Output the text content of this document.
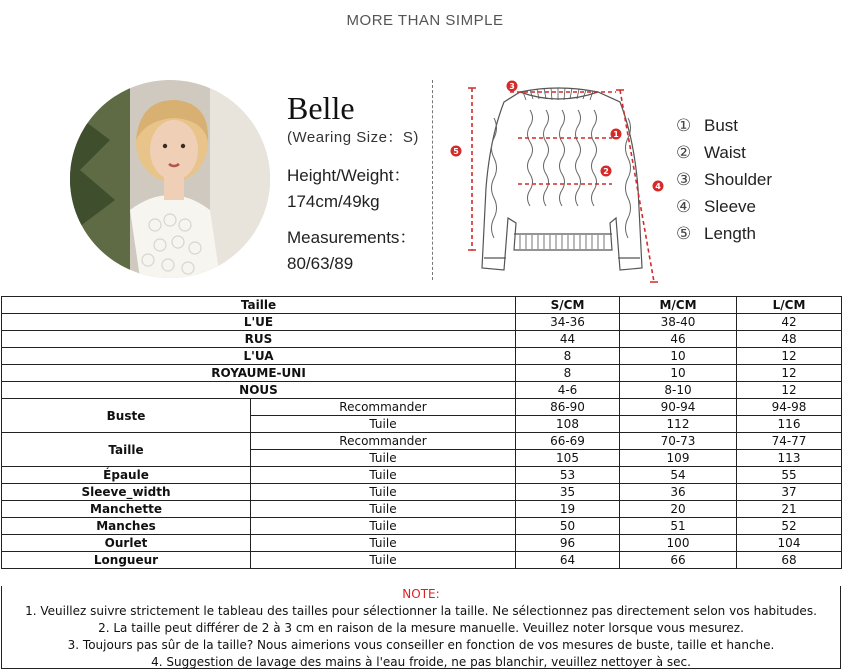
MORE THAN SIMPLE
Belle
(Wearing Size：S)
Height/Weight：
174cm/49kg
Measurements：
80/63/89
1
2
3
4
5
① Bust
② Waist
③ Shoulder
④ Sleeve
⑤ Length
Taille		S/CM	M/CM	L/CM
L'UE		34-36	38-40	42
RUS		44	46	48
L'UA		8	10	12
ROYAUME-UNI		8	10	12
NOUS		4-6	8-10	12
Buste	Recommander	86-90	90-94	94-98
	Tuile	108	112	116
Taille	Recommander	66-69	70-73	74-77
	Tuile	105	109	113
Épaule	Tuile	53	54	55
Sleeve_width	Tuile	35	36	37
Manchette	Tuile	19	20	21
Manches	Tuile	50	51	52
Ourlet	Tuile	96	100	104
Longueur	Tuile	64	66	68
NOTE:
1. Veuillez suivre strictement le tableau des tailles pour sélectionner la taille. Ne sélectionnez pas directement selon vos habitudes.
2. La taille peut différer de 2 à 3 cm en raison de la mesure manuelle. Veuillez noter lorsque vous mesurez.
3. Toujours pas sûr de la taille? Nous aimerions vous conseiller en fonction de vos mesures de buste, taille et hanche.
4. Suggestion de lavage des mains à l'eau froide, ne pas blanchir, veuillez nettoyer à sec.
